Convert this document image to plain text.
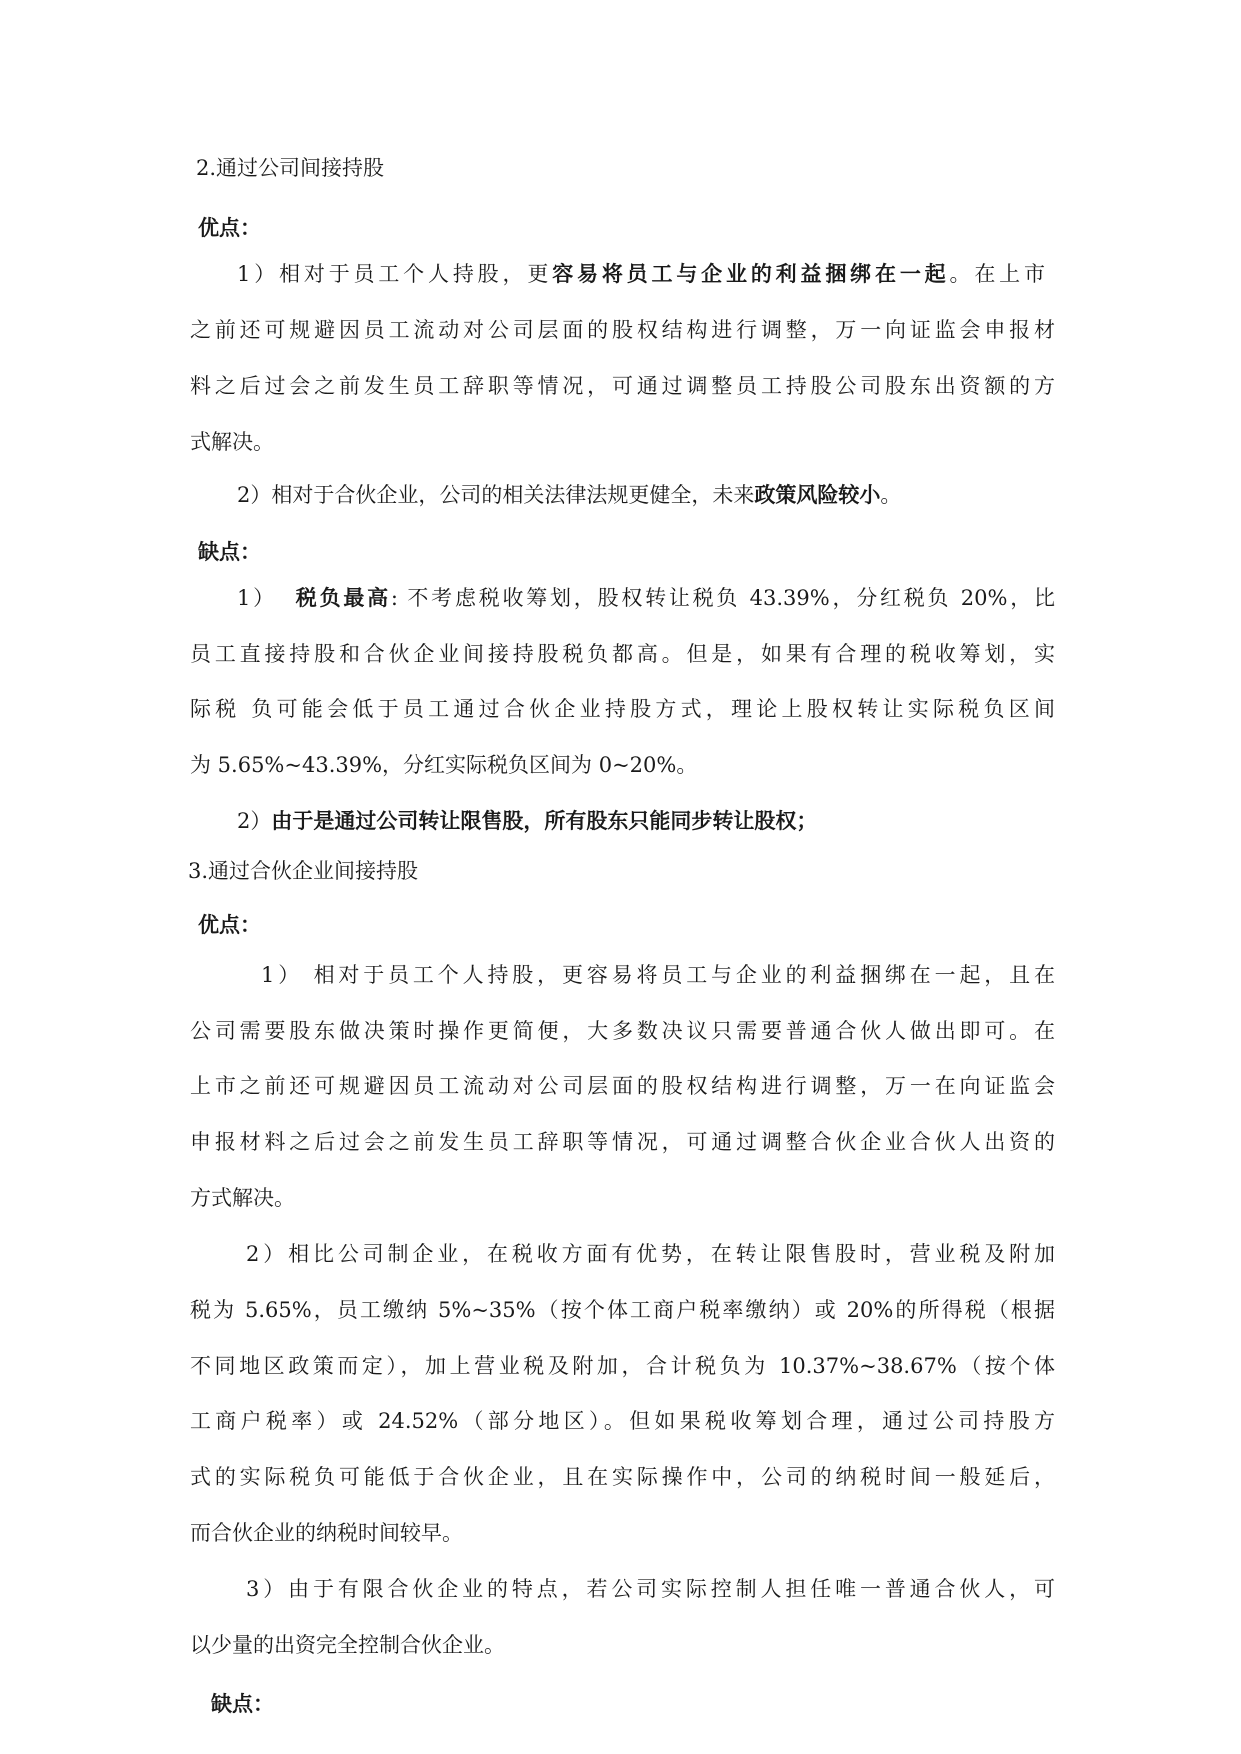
2.通过公司间接持股
优点：
1）相对于员工个人持股，更容易将员工与企业的利益捆绑在一起。在上市
之前还可规避因员工流动对公司层面的股权结构进行调整，万一向证监会申报材
料之后过会之前发生员工辞职等情况，可通过调整员工持股公司股东出资额的方
式解决。
2）相对于合伙企业，公司的相关法律法规更健全，未来政策风险较小。
缺点：
1） 税负最高: 不考虑税收筹划，股权转让税负 43.39%，分红税负 20%，比
员工直接持股和合伙企业间接持股税负都高。但是，如果有合理的税收筹划，实
际税 负可能会低于员工通过合伙企业持股方式，理论上股权转让实际税负区间
为 5.65%~43.39%，分红实际税负区间为 0~20%。
2）由于是通过公司转让限售股，所有股东只能同步转让股权；
3.通过合伙企业间接持股
优点：
1） 相对于员工个人持股，更容易将员工与企业的利益捆绑在一起，且在
公司需要股东做决策时操作更简便，大多数决议只需要普通合伙人做出即可。在
上市之前还可规避因员工流动对公司层面的股权结构进行调整，万一在向证监会
申报材料之后过会之前发生员工辞职等情况，可通过调整合伙企业合伙人出资的
方式解决。
2）相比公司制企业，在税收方面有优势，在转让限售股时，营业税及附加
税为 5.65%，员工缴纳 5%~35%（按个体工商户税率缴纳）或 20%的所得税（根据
不同地区政策而定），加上营业税及附加，合计税负为 10.37%~38.67%（按个体
工商户税率）或 24.52%（部分地区）。但如果税收筹划合理，通过公司持股方
式的实际税负可能低于合伙企业，且在实际操作中，公司的纳税时间一般延后，
而合伙企业的纳税时间较早。
3）由于有限合伙企业的特点，若公司实际控制人担任唯一普通合伙人，可
以少量的出资完全控制合伙企业。
缺点：
